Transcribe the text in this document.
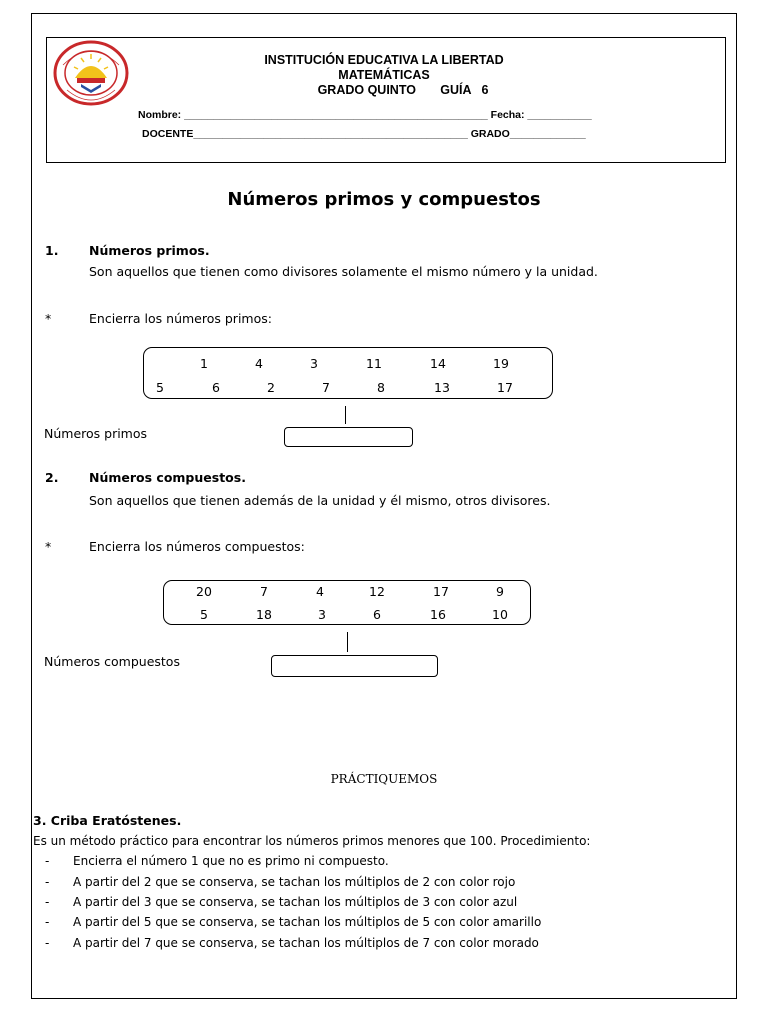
INSTITUCIÓN EDUCATIVA LA LIBERTAD
MATEMÁTICAS
GRADO QUINTO       GUÍA   6
Nombre: ____________________________________________________ Fecha: ___________
DOCENTE_______________________________________________ GRADO_____________
Números primos y compuestos
1. Números primos.
Son aquellos que tienen como divisores solamente el mismo número y la unidad.
*	Encierra los números primos:
1	4	3	11	14	19
5	6	2	7	8	13	17
Números primos
2. Números compuestos.
Son aquellos que tienen además de la unidad y él mismo, otros divisores.
*	Encierra los números compuestos:
20	7	4	12	17	9
5	18	3	6	16	10
Números compuestos
PRÁCTIQUEMOS
3. Criba Eratóstenes.
Es un método práctico para encontrar los números primos menores que 100. Procedimiento:
- Encierra el número 1 que no es primo ni compuesto.
- A partir del 2 que se conserva, se tachan los múltiplos de 2 con color rojo
- A partir del 3 que se conserva, se tachan los múltiplos de 3 con color azul
- A partir del 5 que se conserva, se tachan los múltiplos de 5 con color amarillo
- A partir del 7 que se conserva, se tachan los múltiplos de 7 con color morado
